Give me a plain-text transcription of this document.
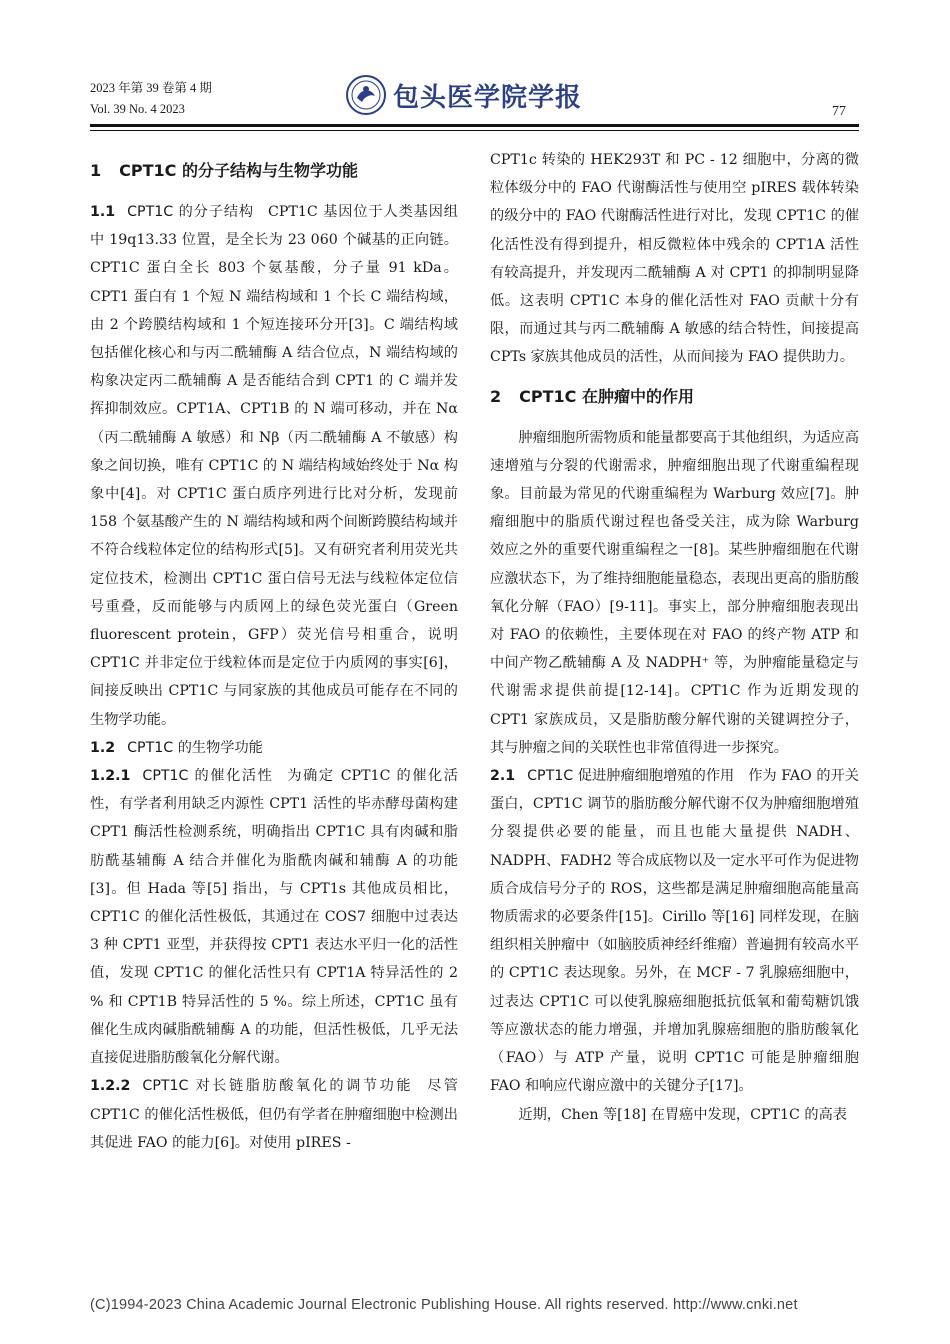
2023 年第 39 卷第 4 期
Vol. 39 No. 4 2023	包头医学院学报	77

1 CPT1C 的分子结构与生物学功能

1.1 CPT1C 的分子结构 CPT1C 基因位于人类基因组中 19q13.33 位置，是全长为 23 060 个碱基的正向链。CPT1C 蛋白全长 803 个氨基酸，分子量 91 kDa。CPT1 蛋白有 1 个短 N 端结构域和 1 个长 C 端结构域，由 2 个跨膜结构域和 1 个短连接环分开[3]。C 端结构域包括催化核心和与丙二酰辅酶 A 结合位点，N 端结构域的构象决定丙二酰辅酶 A 是否能结合到 CPT1 的 C 端并发挥抑制效应。CPT1A、CPT1B 的 N 端可移动，并在 Nα（丙二酰辅酶 A 敏感）和 Nβ（丙二酰辅酶 A 不敏感）构象之间切换，唯有 CPT1C 的 N 端结构域始终处于 Nα 构象中[4]。对 CPT1C 蛋白质序列进行比对分析，发现前 158 个氨基酸产生的 N 端结构域和两个间断跨膜结构域并不符合线粒体定位的结构形式[5]。又有研究者利用荧光共定位技术，检测出 CPT1C 蛋白信号无法与线粒体定位信号重叠，反而能够与内质网上的绿色荧光蛋白（Green fluorescent protein，GFP）荧光信号相重合，说明 CPT1C 并非定位于线粒体而是定位于内质网的事实[6]，间接反映出 CPT1C 与同家族的其他成员可能存在不同的生物学功能。

1.2 CPT1C 的生物学功能

1.2.1 CPT1C 的催化活性 为确定 CPT1C 的催化活性，有学者利用缺乏内源性 CPT1 活性的毕赤酵母菌构建 CPT1 酶活性检测系统，明确指出 CPT1C 具有肉碱和脂肪酰基辅酶 A 结合并催化为脂酰肉碱和辅酶 A 的功能[3]。但 Hada 等[5] 指出，与 CPT1s 其他成员相比，CPT1C 的催化活性极低，其通过在 COS7 细胞中过表达 3 种 CPT1 亚型，并获得按 CPT1 表达水平归一化的活性值，发现 CPT1C 的催化活性只有 CPT1A 特异活性的 2 % 和 CPT1B 特异活性的 5 %。综上所述，CPT1C 虽有催化生成肉碱脂酰辅酶 A 的功能，但活性极低，几乎无法直接促进脂肪酸氧化分解代谢。

1.2.2 CPT1C 对长链脂肪酸氧化的调节功能 尽管 CPT1C 的催化活性极低，但仍有学者在肿瘤细胞中检测出其促进 FAO 的能力[6]。对使用 pIRES -

CPT1c 转染的 HEK293T 和 PC - 12 细胞中，分离的微粒体级分中的 FAO 代谢酶活性与使用空 pIRES 载体转染的级分中的 FAO 代谢酶活性进行对比，发现 CPT1C 的催化活性没有得到提升，相反微粒体中残余的 CPT1A 活性有较高提升，并发现丙二酰辅酶 A 对 CPT1 的抑制明显降低。这表明 CPT1C 本身的催化活性对 FAO 贡献十分有限，而通过其与丙二酰辅酶 A 敏感的结合特性，间接提高 CPTs 家族其他成员的活性，从而间接为 FAO 提供助力。

2 CPT1C 在肿瘤中的作用

肿瘤细胞所需物质和能量都要高于其他组织，为适应高速增殖与分裂的代谢需求，肿瘤细胞出现了代谢重编程现象。目前最为常见的代谢重编程为 Warburg 效应[7]。肿瘤细胞中的脂质代谢过程也备受关注，成为除 Warburg 效应之外的重要代谢重编程之一[8]。某些肿瘤细胞在代谢应激状态下，为了维持细胞能量稳态，表现出更高的脂肪酸氧化分解（FAO）[9-11]。事实上，部分肿瘤细胞表现出对 FAO 的依赖性，主要体现在对 FAO 的终产物 ATP 和中间产物乙酰辅酶 A 及 NADPH⁺ 等，为肿瘤能量稳定与代谢需求提供前提[12-14]。CPT1C 作为近期发现的 CPT1 家族成员，又是脂肪酸分解代谢的关键调控分子，其与肿瘤之间的关联性也非常值得进一步探究。

2.1 CPT1C 促进肿瘤细胞增殖的作用 作为 FAO 的开关蛋白，CPT1C 调节的脂肪酸分解代谢不仅为肿瘤细胞增殖分裂提供必要的能量，而且也能大量提供 NADH、NADPH、FADH2 等合成底物以及一定水平可作为促进物质合成信号分子的 ROS，这些都是满足肿瘤细胞高能量高物质需求的必要条件[15]。Cirillo 等[16] 同样发现，在脑组织相关肿瘤中（如脑胶质神经纤维瘤）普遍拥有较高水平的 CPT1C 表达现象。另外，在 MCF - 7 乳腺癌细胞中，过表达 CPT1C 可以使乳腺癌细胞抵抗低氧和葡萄糖饥饿等应激状态的能力增强，并增加乳腺癌细胞的脂肪酸氧化（FAO）与 ATP 产量，说明 CPT1C 可能是肿瘤细胞 FAO 和响应代谢应激中的关键分子[17]。

近期，Chen 等[18] 在胃癌中发现，CPT1C 的高表

(C)1994-2023 China Academic Journal Electronic Publishing House. All rights reserved. http://www.cnki.net
